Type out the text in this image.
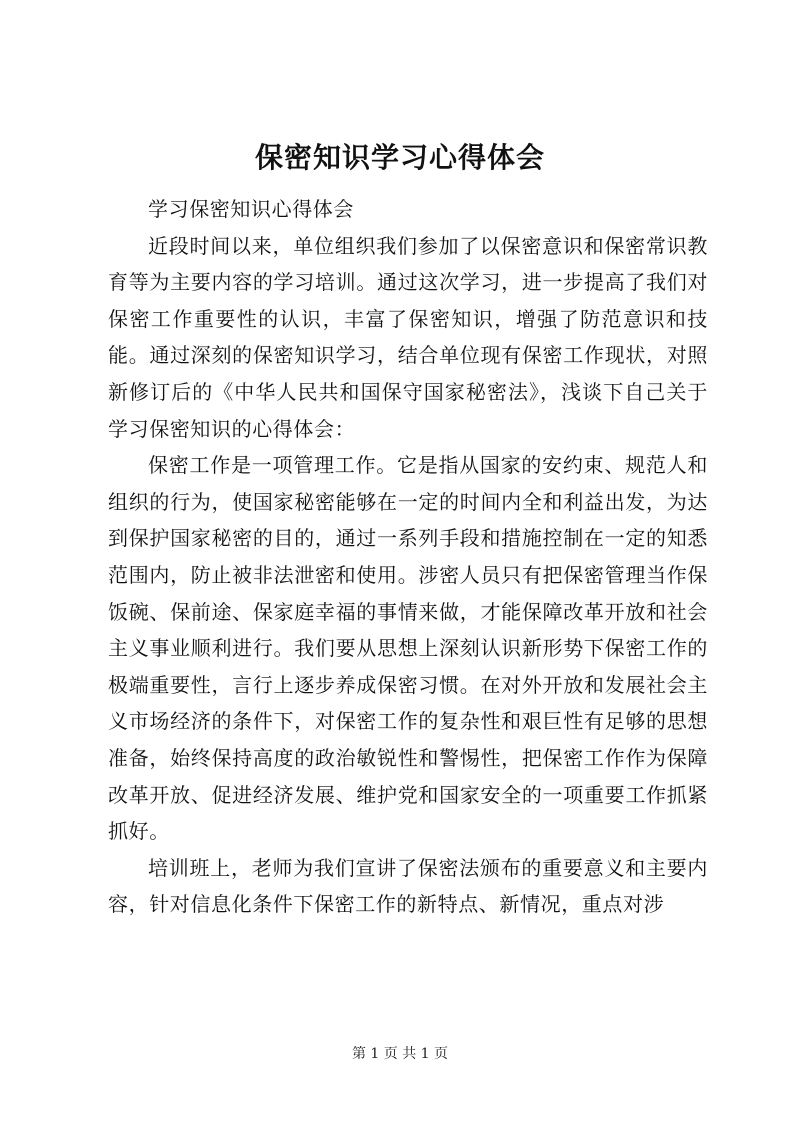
保密知识学习心得体会

学习保密知识心得体会

近段时间以来，单位组织我们参加了以保密意识和保密常识教育等为主要内容的学习培训。通过这次学习，进一步提高了我们对保密工作重要性的认识，丰富了保密知识，增强了防范意识和技能。通过深刻的保密知识学习，结合单位现有保密工作现状，对照新修订后的《中华人民共和国保守国家秘密法》，浅谈下自己关于学习保密知识的心得体会：

保密工作是一项管理工作。它是指从国家的安约束、规范人和组织的行为，使国家秘密能够在一定的时间内全和利益出发，为达到保护国家秘密的目的，通过一系列手段和措施控制在一定的知悉范围内，防止被非法泄密和使用。涉密人员只有把保密管理当作保饭碗、保前途、保家庭幸福的事情来做，才能保障改革开放和社会主义事业顺利进行。我们要从思想上深刻认识新形势下保密工作的极端重要性，言行上逐步养成保密习惯。在对外开放和发展社会主义市场经济的条件下，对保密工作的复杂性和艰巨性有足够的思想准备，始终保持高度的政治敏锐性和警惕性，把保密工作作为保障改革开放、促进经济发展、维护党和国家安全的一项重要工作抓紧抓好。

培训班上，老师为我们宣讲了保密法颁布的重要意义和主要内容，针对信息化条件下保密工作的新特点、新情况，重点对涉

第 1 页 共 1 页
